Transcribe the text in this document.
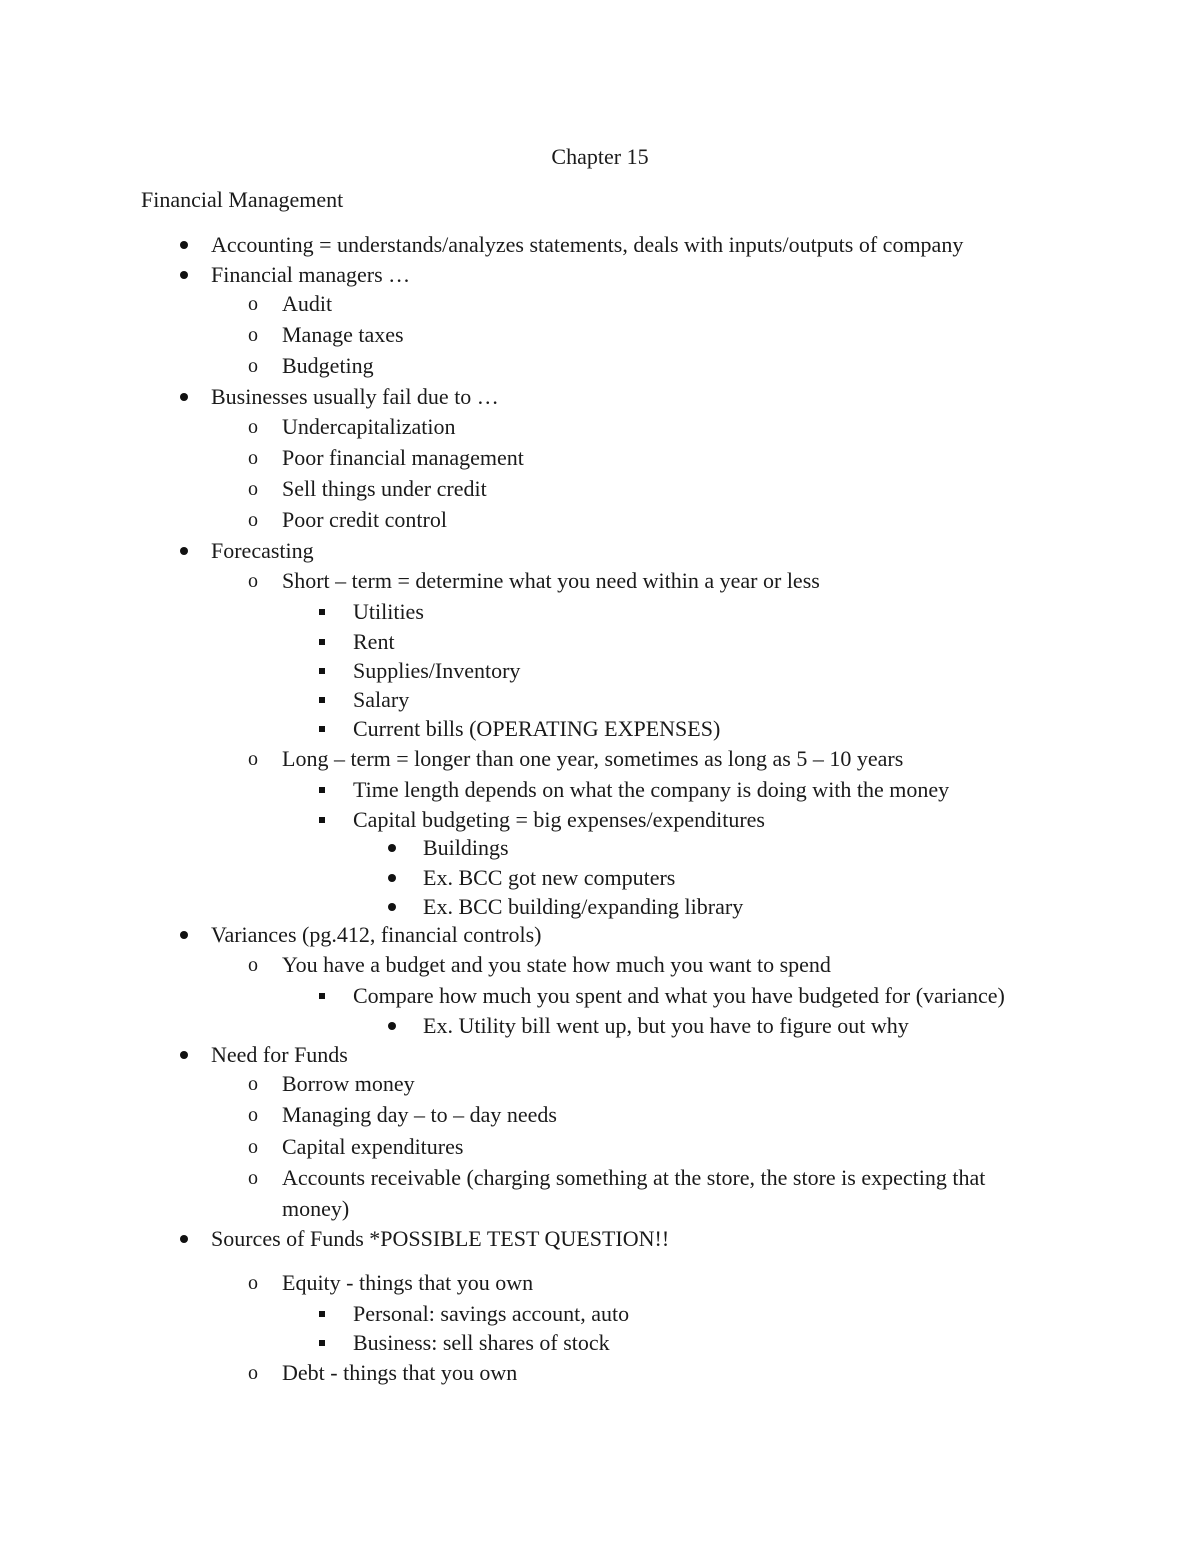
Chapter 15
Financial Management
Accounting = understands/analyzes statements, deals with inputs/outputs of company
Financial managers …
o Audit
o Manage taxes
o Budgeting
Businesses usually fail due to …
o Undercapitalization
o Poor financial management
o Sell things under credit
o Poor credit control
Forecasting
o Short – term = determine what you need within a year or less
Utilities
Rent
Supplies/Inventory
Salary
Current bills (OPERATING EXPENSES)
o Long – term = longer than one year, sometimes as long as 5 – 10 years
Time length depends on what the company is doing with the money
Capital budgeting = big expenses/expenditures
Buildings
Ex. BCC got new computers
Ex. BCC building/expanding library
Variances (pg.412, financial controls)
o You have a budget and you state how much you want to spend
Compare how much you spent and what you have budgeted for (variance)
Ex. Utility bill went up, but you have to figure out why
Need for Funds
o Borrow money
o Managing day – to – day needs
o Capital expenditures
o Accounts receivable (charging something at the store, the store is expecting that
money)
Sources of Funds *POSSIBLE TEST QUESTION!!
o Equity - things that you own
Personal: savings account, auto
Business: sell shares of stock
o Debt - things that you own
